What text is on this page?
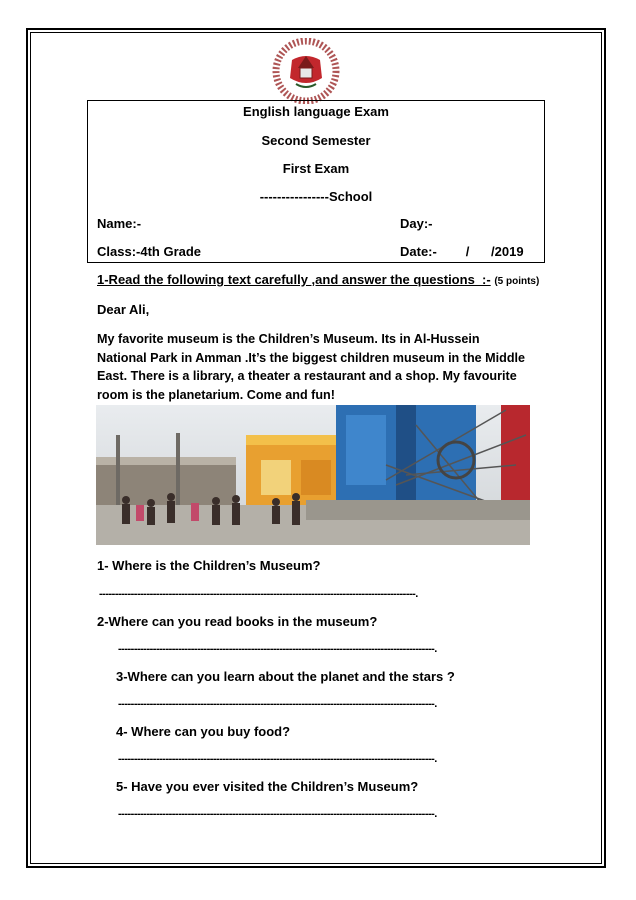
English language Exam
Second Semester
First Exam
----------------School
Name:-	Day:-
Class:-4th Grade	Date:-        /      /2019
1-Read the following text carefully ,and answer the questions  :- (5 points)
Dear Ali,
My favorite museum is the Children’s Museum. Its in Al-Hussein
National Park in Amman .It’s the biggest children museum in the Middle
East. There is a library, a theater a restaurant and a shop. My favourite
room is the planetarium. Come and fun!
1- Where is the Children’s Museum?
----------------------------------------------------------------------------------------------------.
2-Where can you read books in the museum?
----------------------------------------------------------------------------------------------------.
3-Where can you learn about the planet and the stars ?
----------------------------------------------------------------------------------------------------.
4- Where can you buy food?
----------------------------------------------------------------------------------------------------.
5- Have you ever visited the Children’s Museum?
----------------------------------------------------------------------------------------------------.
